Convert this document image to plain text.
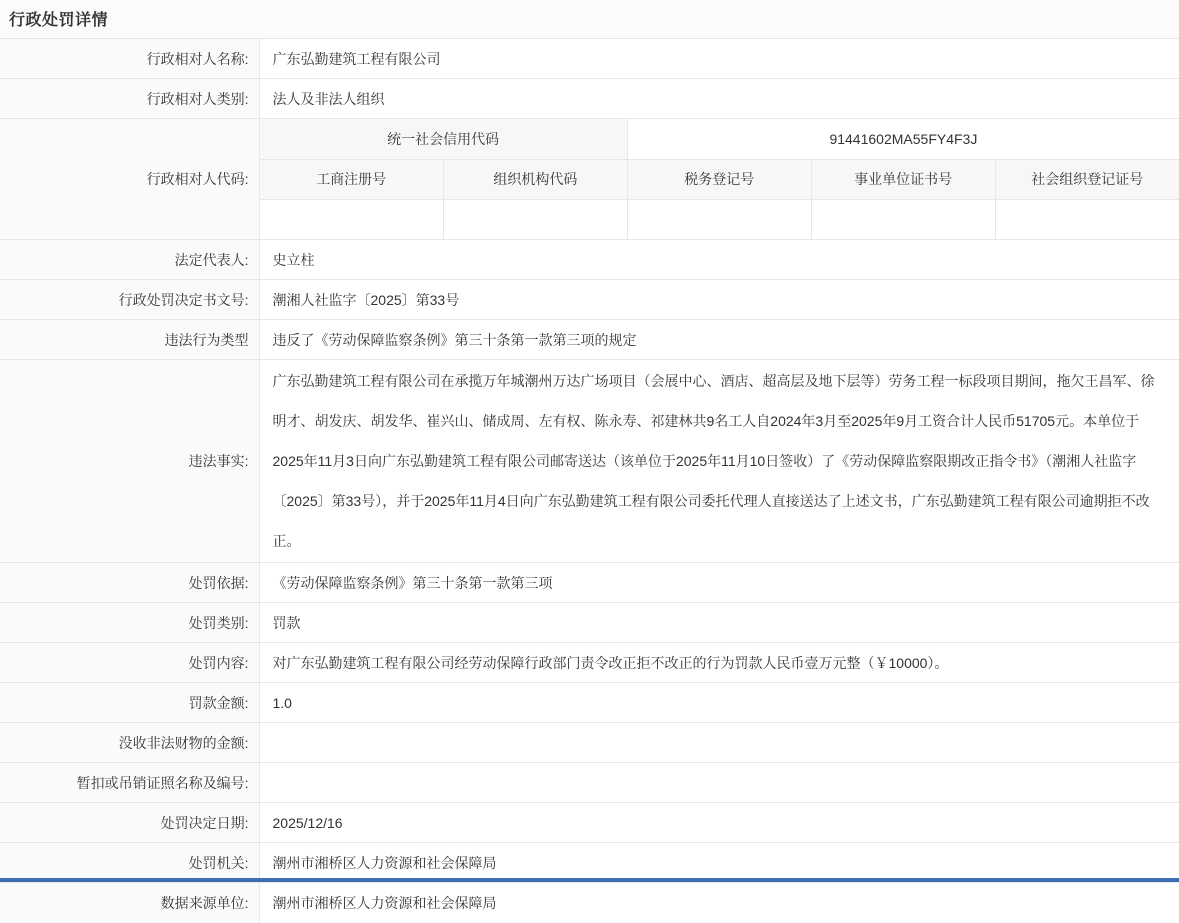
行政处罚详情
行政相对人名称:	广东弘勤建筑工程有限公司
行政相对人类别:	法人及非法人组织
行政相对人代码:	
统一社会信用代码	91441602MA55FY4F3J
工商注册号	组织机构代码	税务登记号	事业单位证书号	社会组织登记证号

法定代表人:	史立柱
行政处罚决定书文号:	潮湘人社监字〔2025〕第33号
违法行为类型	违反了《劳动保障监察条例》第三十条第一款第三项的规定
违法事实:	广东弘勤建筑工程有限公司在承揽万年城潮州万达广场项目（会展中心、酒店、超高层及地下层等）劳务工程一标段项目期间，拖欠王昌军、徐明才、胡发庆、胡发华、崔兴山、储成周、左有权、陈永寿、祁建林共9名工人自2024年3月至2025年9月工资合计人民币51705元。本单位于2025年11月3日向广东弘勤建筑工程有限公司邮寄送达（该单位于2025年11月10日签收）了《劳动保障监察限期改正指令书》（潮湘人社监字〔2025〕第33号），并于2025年11月4日向广东弘勤建筑工程有限公司委托代理人直接送达了上述文书，广东弘勤建筑工程有限公司逾期拒不改正。
处罚依据:	《劳动保障监察条例》第三十条第一款第三项
处罚类别:	罚款
处罚内容:	对广东弘勤建筑工程有限公司经劳动保障行政部门责令改正拒不改正的行为罚款人民币壹万元整（￥10000）。
罚款金额:	1.0
没收非法财物的金额:	
暂扣或吊销证照名称及编号:	
处罚决定日期:	2025/12/16
处罚机关:	潮州市湘桥区人力资源和社会保障局
数据来源单位:	潮州市湘桥区人力资源和社会保障局
